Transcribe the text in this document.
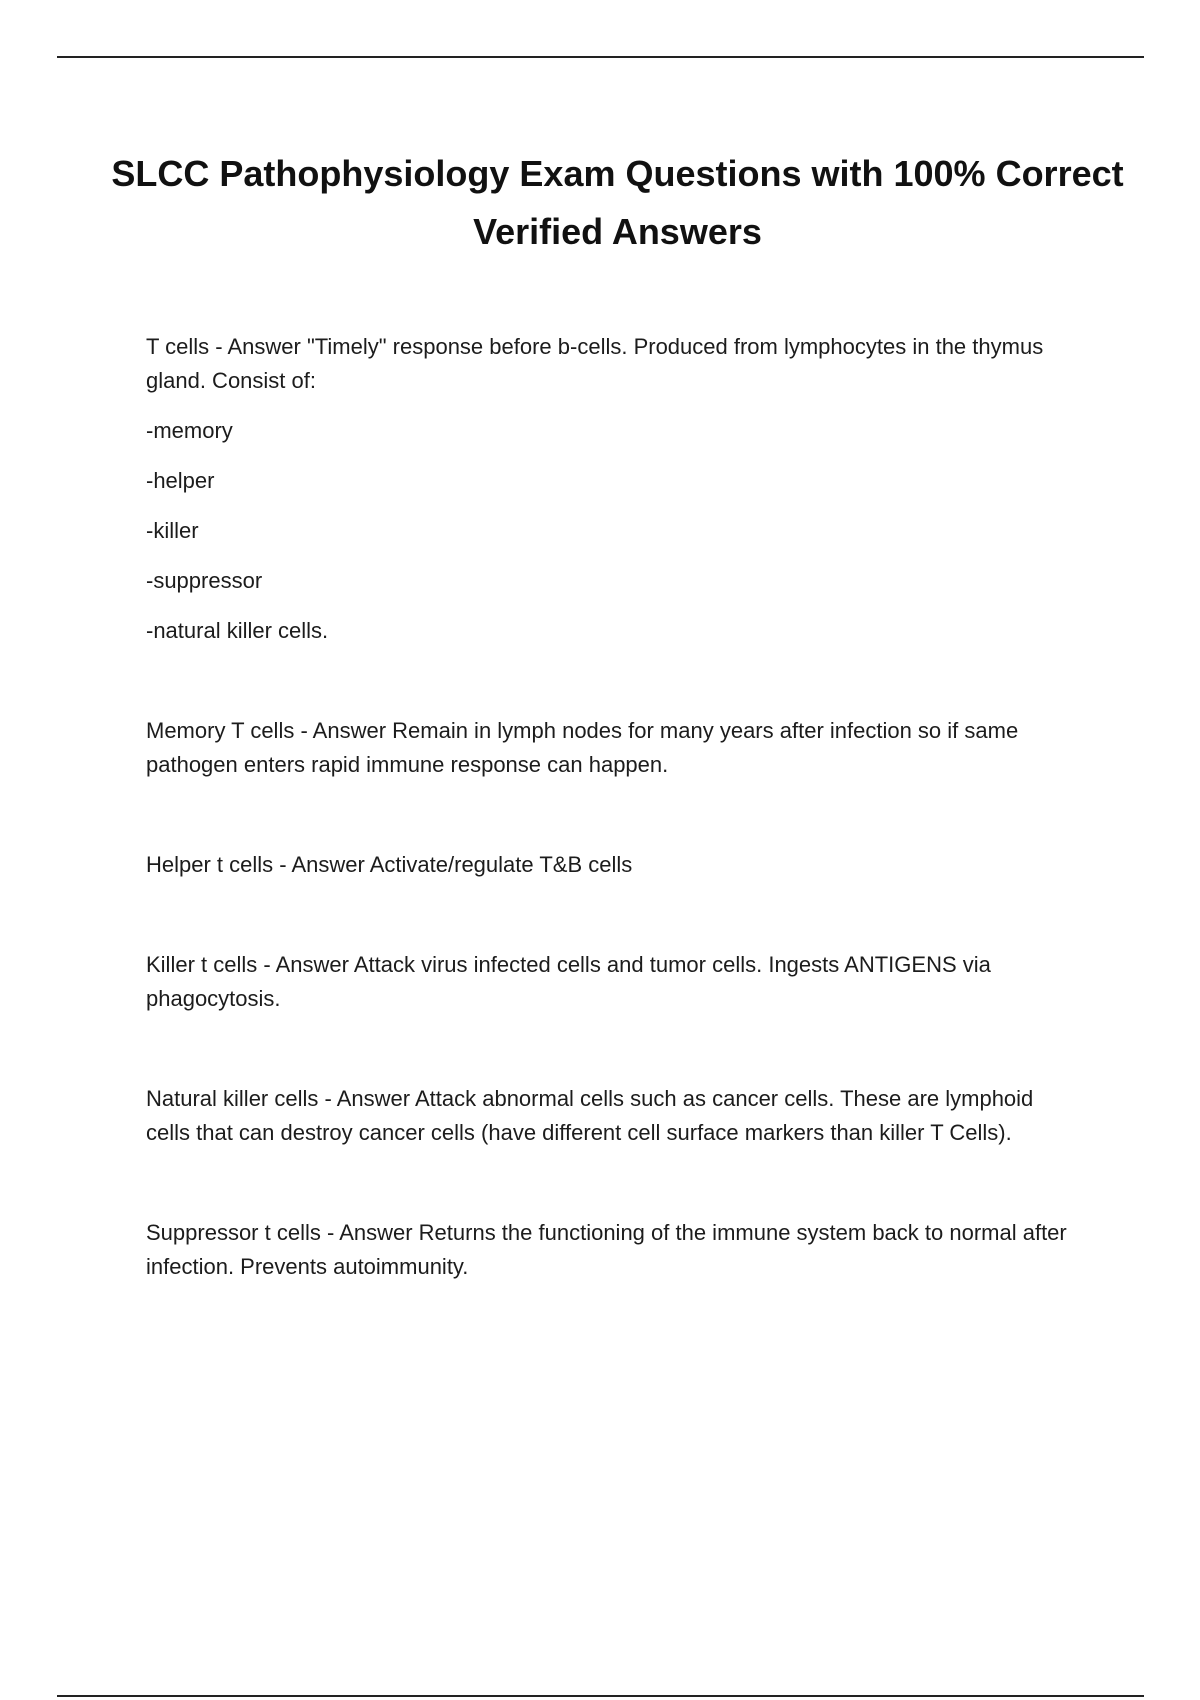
SLCC Pathophysiology Exam Questions with 100% Correct Verified Answers

T cells - Answer "Timely" response before b-cells. Produced from lymphocytes in the thymus gland. Consist of:

-memory

-helper

-killer

-suppressor

-natural killer cells.

Memory T cells - Answer Remain in lymph nodes for many years after infection so if same pathogen enters rapid immune response can happen.

Helper t cells - Answer Activate/regulate T&B cells

Killer t cells - Answer Attack virus infected cells and tumor cells. Ingests ANTIGENS via phagocytosis.

Natural killer cells - Answer Attack abnormal cells such as cancer cells. These are lymphoid cells that can destroy cancer cells (have different cell surface markers than killer T Cells).

Suppressor t cells - Answer Returns the functioning of the immune system back to normal after infection. Prevents autoimmunity.
